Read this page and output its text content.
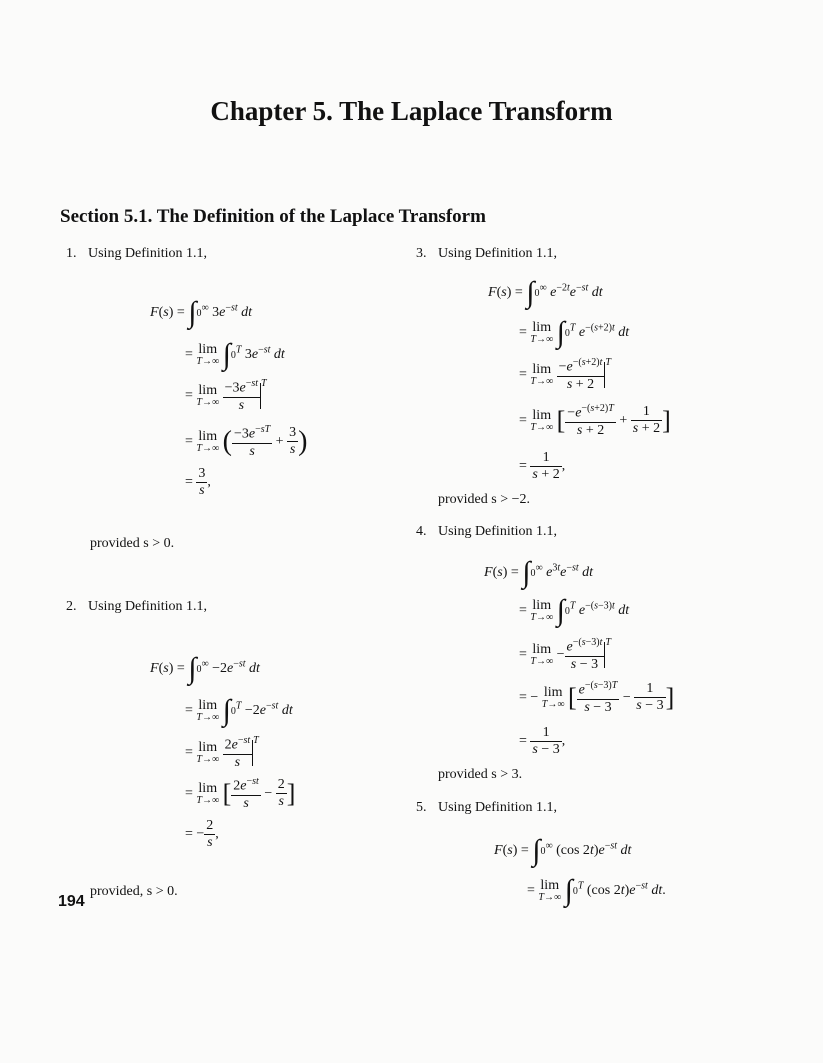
Chapter 5. The Laplace Transform
Section 5.1. The Definition of the Laplace Transform
1. Using Definition 1.1,
F(s) = ∫0∞ $3e^{-st}$ dt
= lim
T→∞ $\int 0^T$ $3e^{-st}$ dt
= lim
T→∞
$\frac{-3e^{-st}}{s} ^T$
= lim
T→∞ ( $\frac{-3e^{-sT}}{s} + \frac{3}{s}$ )
= $\frac{3}{s}$ ,
provided s > 0.
2. Using Definition 1.1,
$F(s) = \int 0^\infty -2e^{-st}$ dt
= lim
T→∞ $\int 0^T -2e^{-st}$ dt
= lim
T→∞
$\frac{2e^{-st}}{s} ^T$
= lim
T→∞ [ $\frac{2e^{-st}}{s} - \frac{2}{s}$ ]
= − $\frac{2}{s}$ ,
provided, s > 0.
3. Using Definition 1.1,
F(s) = ∫0∞ $e^{-2t}e^{-st}$ dt
= lim
T→∞ $\int 0^T$ $e^{-(s+2)t}$ dt
= lim
T→∞
$\frac{-e^{-(s+2)t}}{s + 2} ^T$
= lim
T→∞ [ $\frac{-e^{-(s+2)T}}{s + 2} + \frac{1}{s + 2}$ ]
= $\frac{1}{s + 2}$ ,
provided s > −2.
4. Using Definition 1.1,
F(s) = ∫0∞ $e^{3t}e^{-st}$ dt
= lim
T→∞ $\int 0^T$ $e^{-(s-3)t}$ dt
= lim
$T\to\infty - \frac{e^{-(s-3)t}}{s - 3} ^T$
= − lim
T→∞ [ $\frac{e^{-(s-3)T}}{s - 3} - \frac{1}{s - 3}$ ]
= $\frac{1}{s - 3}$ ,
provided s > 3.
5. Using Definition 1.1,
F(s) = ∫0∞ (cos $2t)e^{-st}$ dt
= lim
T→∞ $\int 0^T$ (cos $2t)e^{-st}$ dt.
194
